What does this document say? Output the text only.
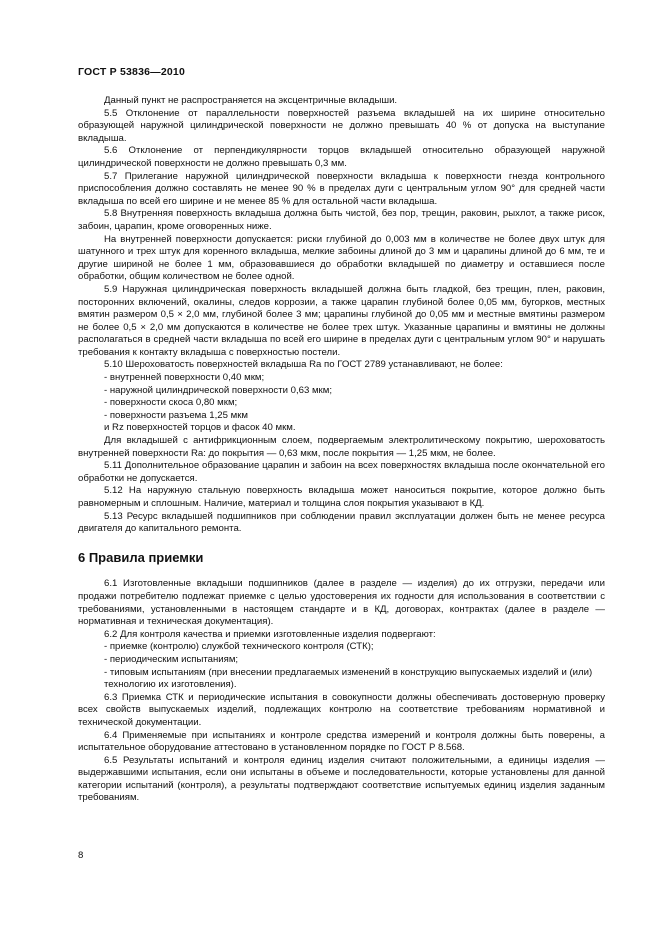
ГОСТ Р 53836—2010

Данный пункт не распространяется на эксцентричные вкладыши.

5.5 Отклонение от параллельности поверхностей разъема вкладышей на их ширине относительно образующей наружной цилиндрической поверхности не должно превышать 40 % от допуска на выступание вкладыша.

5.6 Отклонение от перпендикулярности торцов вкладышей относительно образующей наружной цилиндрической поверхности не должно превышать 0,3 мм.

5.7 Прилегание наружной цилиндрической поверхности вкладыша к поверхности гнезда контрольного приспособления должно составлять не менее 90 % в пределах дуги с центральным углом 90° для средней части вкладыша по всей его ширине и не менее 85 % для остальной части вкладыша.

5.8 Внутренняя поверхность вкладыша должна быть чистой, без пор, трещин, раковин, рыхлот, а также рисок, забоин, царапин, кроме оговоренных ниже.

На внутренней поверхности допускается: риски глубиной до 0,003 мм в количестве не более двух штук для шатунного и трех штук для коренного вкладыша, мелкие забоины длиной до 3 мм и царапины длиной до 6 мм, те и другие шириной не более 1 мм, образовавшиеся до обработки вкладышей по диаметру и оставшиеся после обработки, общим количеством не более одной.

5.9 Наружная цилиндрическая поверхность вкладышей должна быть гладкой, без трещин, плен, раковин, посторонних включений, окалины, следов коррозии, а также царапин глубиной более 0,05 мм, бугорков, местных вмятин размером 0,5 × 2,0 мм, глубиной более 3 мм; царапины глубиной до 0,05 мм и местные вмятины размером не более 0,5 × 2,0 мм допускаются в количестве не более трех штук. Указанные царапины и вмятины не должны располагаться в средней части вкладыша по всей его ширине в пределах дуги с центральным углом 90° и нарушать требования к контакту вкладыша с поверхностью постели.

5.10 Шероховатость поверхностей вкладыша Ra по ГОСТ 2789 устанавливают, не более:

- внутренней поверхности 0,40 мкм;

- наружной цилиндрической поверхности 0,63 мкм;

- поверхности скоса 0,80 мкм;

- поверхности разъема 1,25 мкм

и Rz поверхностей торцов и фасок 40 мкм.

Для вкладышей с антифрикционным слоем, подвергаемым электролитическому покрытию, шероховатость внутренней поверхности Ra: до покрытия — 0,63 мкм, после покрытия — 1,25 мкм, не более.

5.11 Дополнительное образование царапин и забоин на всех поверхностях вкладыша после окончательной его обработки не допускается.

5.12 На наружную стальную поверхность вкладыша может наноситься покрытие, которое должно быть равномерным и сплошным. Наличие, материал и толщина слоя покрытия указывают в КД.

5.13 Ресурс вкладышей подшипников при соблюдении правил эксплуатации должен быть не менее ресурса двигателя до капитального ремонта.

6 Правила приемки

6.1 Изготовленные вкладыши подшипников (далее в разделе — изделия) до их отгрузки, передачи или продажи потребителю подлежат приемке с целью удостоверения их годности для использования в соответствии с требованиями, установленными в настоящем стандарте и в КД, договорах, контрактах (далее в разделе — нормативная и техническая документация).

6.2 Для контроля качества и приемки изготовленные изделия подвергают:

- приемке (контролю) службой технического контроля (СТК);

- периодическим испытаниям;

- типовым испытаниям (при внесении предлагаемых изменений в конструкцию выпускаемых изделий и (или) технологию их изготовления).

6.3 Приемка СТК и периодические испытания в совокупности должны обеспечивать достоверную проверку всех свойств выпускаемых изделий, подлежащих контролю на соответствие требованиям нормативной и технической документации.

6.4 Применяемые при испытаниях и контроле средства измерений и контроля должны быть поверены, а испытательное оборудование аттестовано в установленном порядке по ГОСТ Р 8.568.

6.5 Результаты испытаний и контроля единиц изделия считают положительными, а единицы изделия — выдержавшими испытания, если они испытаны в объеме и последовательности, которые установлены для данной категории испытаний (контроля), а результаты подтверждают соответствие испытуемых единиц изделия заданным требованиям.

8
